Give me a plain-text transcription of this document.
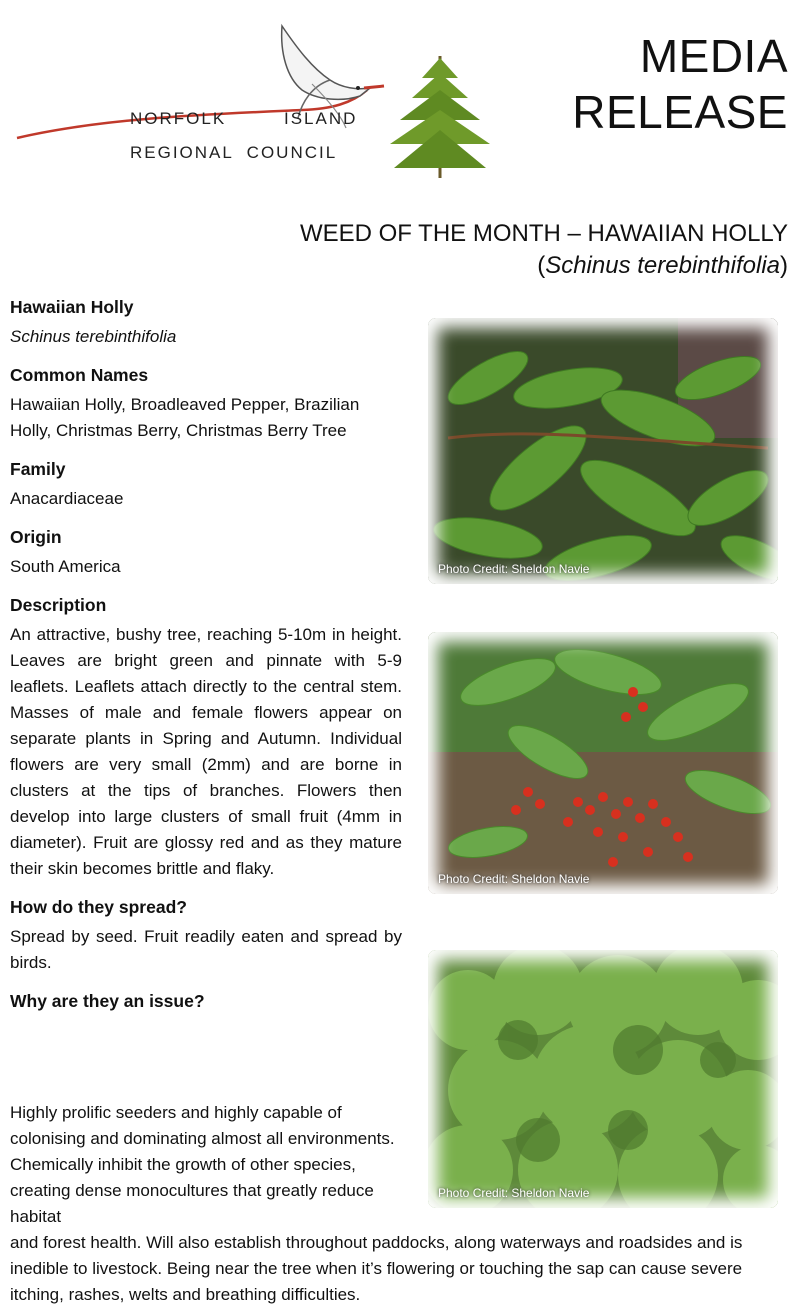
NORFOLK	ISLAND
REGIONAL  COUNCIL
MEDIA
RELEASE
WEED OF THE MONTH – HAWAIIAN HOLLY
(Schinus terebinthifolia)
Hawaiian Holly

Schinus terebinthifolia

Common Names

Hawaiian Holly, Broadleaved Pepper, Brazilian Holly, Christmas Berry, Christmas Berry Tree

Family

Anacardiaceae

Origin

South America

Description

An attractive, bushy tree, reaching 5-10m in height. Leaves are bright green and pinnate with 5-9 leaflets. Leaflets attach directly to the central stem. Masses of male and female flowers appear on separate plants in Spring and Autumn. Individual flowers are very small (2mm) and are borne in clusters at the tips of branches. Flowers then develop into large clusters of small fruit (4mm in diameter). Fruit are glossy red and as they mature their skin becomes brittle and flaky.

How do they spread?

Spread by seed. Fruit readily eaten and spread by birds.

Why are they an issue?
Highly prolific seeders and highly capable of colonising and dominating almost all environments. Chemically inhibit the growth of other species, creating dense monocultures that greatly reduce habitat
and forest health. Will also establish throughout paddocks, along waterways and roadsides and is inedible to livestock. Being near the tree when it’s flowering or touching the sap can cause severe itching, rashes, welts and breathing difficulties.
Photo Credit: Sheldon Navie
Photo Credit: Sheldon Navie
Photo Credit: Sheldon Navie
